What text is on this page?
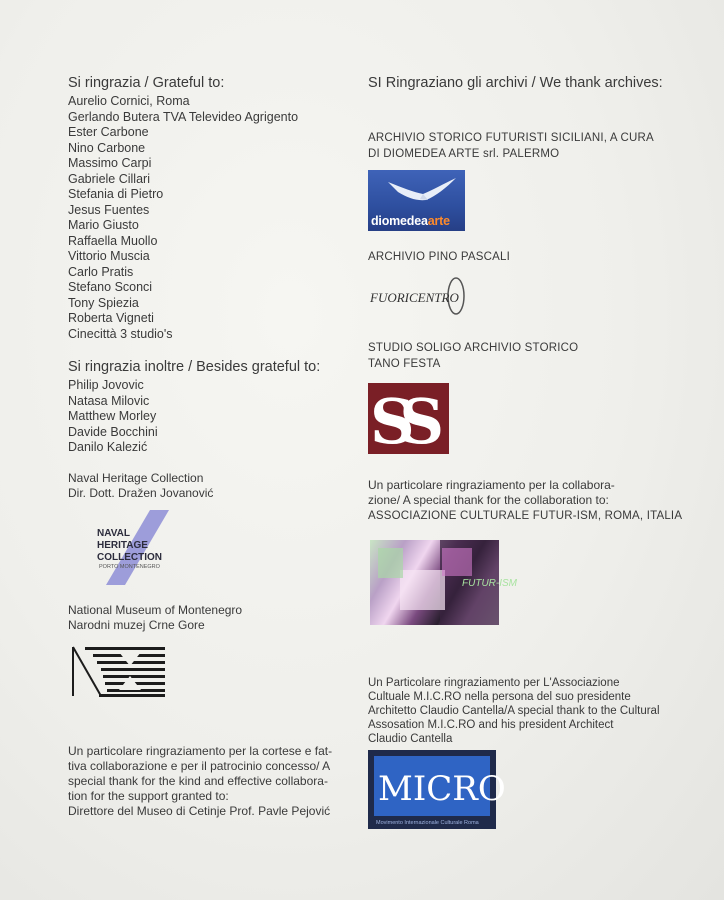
Si ringrazia / Grateful to:
Aurelio Cornici, Roma
Gerlando Butera TVA Televideo Agrigento
Ester Carbone
Nino Carbone
Massimo Carpi
Gabriele Cillari
Stefania di Pietro
Jesus Fuentes
Mario Giusto
Raffaella Muollo
Vittorio Muscia
Carlo Pratis
Stefano Sconci
Tony Spiezia
Roberta Vigneti
Cinecittà 3 studio's
Si ringrazia inoltre / Besides grateful to:
Philip Jovovic
Natasa Milovic
Matthew Morley
Davide Bocchini
Danilo Kalezić
Naval Heritage Collection
Dir. Dott. Dražen Jovanović
NAVAL
HERITAGE
COLLECTION
PORTO MONTENEGRO
National Museum of Montenegro
Narodni muzej Crne Gore
Un particolare ringraziamento per la cortese e fat-
tiva collaborazione e per il patrocinio concesso/ A
special thank for the kind and effective collabora-
tion for the support granted to:
Direttore del Museo di Cetinje Prof. Pavle Pejović
SI Ringraziano gli archivi / We thank archives:
ARCHIVIO STORICO FUTURISTI SICILIANI, A CURA
DI DIOMEDEA ARTE srl. PALERMO
diomedeaarte
ARCHIVIO PINO PASCALI
FUORICENTRO
STUDIO SOLIGO ARCHIVIO STORICO
TANO FESTA
SS
Un particolare ringraziamento per la collabora-
zione/ A special thank for the collaboration to:
ASSOCIAZIONE CULTURALE FUTUR-ISM, ROMA, ITALIA
FUTUR-ISM
Un Particolare ringraziamento per L'Associazione
Cultuale M.I.C.RO nella persona del suo presidente
Architetto Claudio Cantella/A special thank to the Cultural
Assosation M.I.C.RO and his president Architect
Claudio Cantella
MICRO
Movimento Internazionale Culturale Roma
